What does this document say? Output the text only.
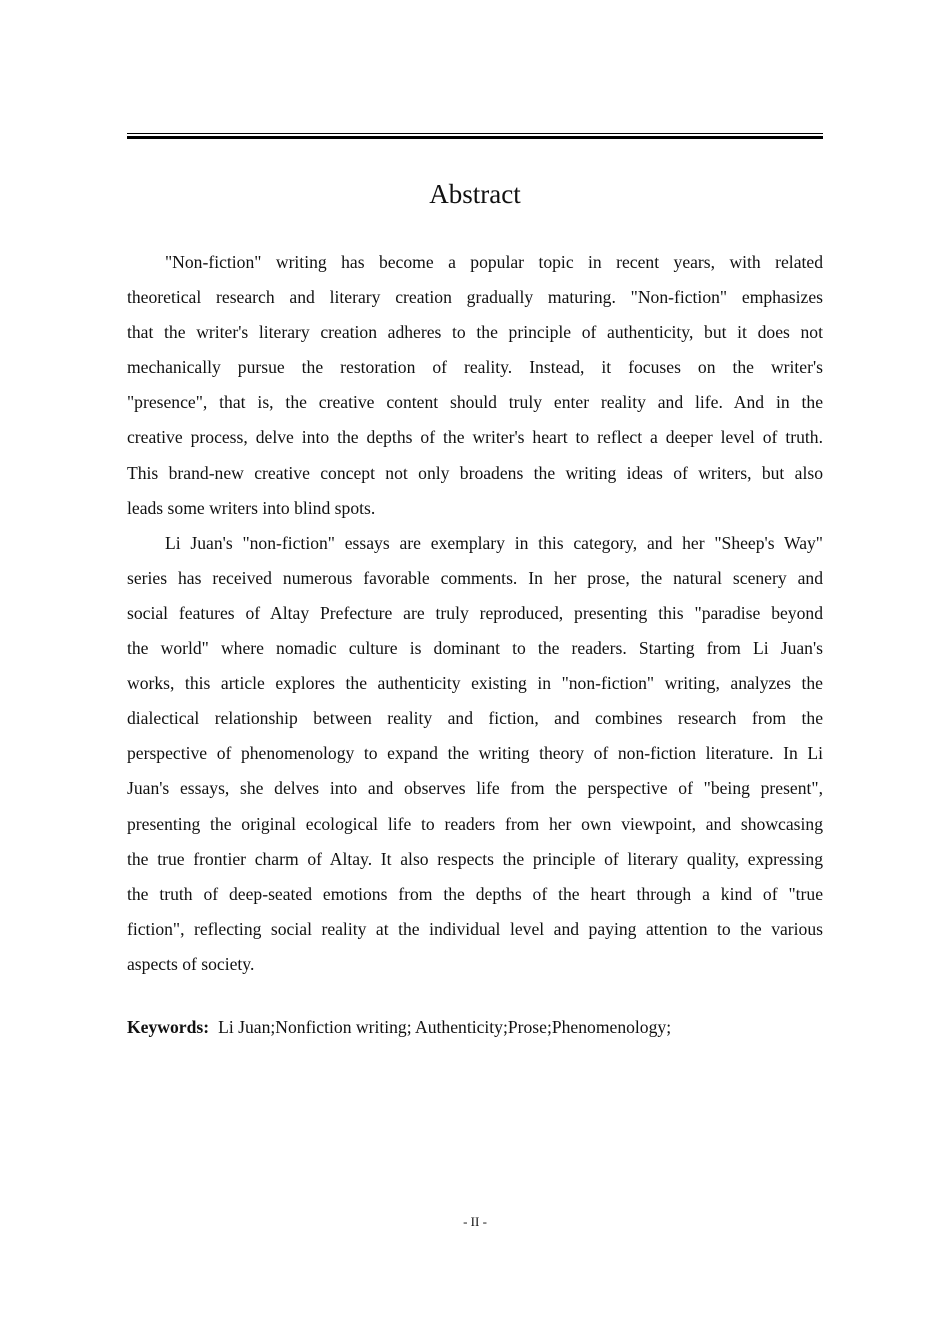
Abstract
"Non-fiction" writing has become a popular topic in recent years, with related
theoretical research and literary creation gradually maturing. "Non-fiction" emphasizes
that the writer's literary creation adheres to the principle of authenticity, but it does not
mechanically pursue the restoration of reality. Instead, it focuses on the writer's
"presence", that is, the creative content should truly enter reality and life. And in the
creative process, delve into the depths of the writer's heart to reflect a deeper level of truth.
This brand-new creative concept not only broadens the writing ideas of writers, but also
leads some writers into blind spots.
Li Juan's "non-fiction" essays are exemplary in this category, and her "Sheep's Way"
series has received numerous favorable comments. In her prose, the natural scenery and
social features of Altay Prefecture are truly reproduced, presenting this "paradise beyond
the world" where nomadic culture is dominant to the readers. Starting from Li Juan's
works, this article explores the authenticity existing in "non-fiction" writing, analyzes the
dialectical relationship between reality and fiction, and combines research from the
perspective of phenomenology to expand the writing theory of non-fiction literature. In Li
Juan's essays, she delves into and observes life from the perspective of "being present",
presenting the original ecological life to readers from her own viewpoint, and showcasing
the true frontier charm of Altay. It also respects the principle of literary quality, expressing
the truth of deep-seated emotions from the depths of the heart through a kind of "true
fiction", reflecting social reality at the individual level and paying attention to the various
aspects of society.
Keywords: Li Juan;Nonfiction writing; Authenticity;Prose;Phenomenology;
- II -
